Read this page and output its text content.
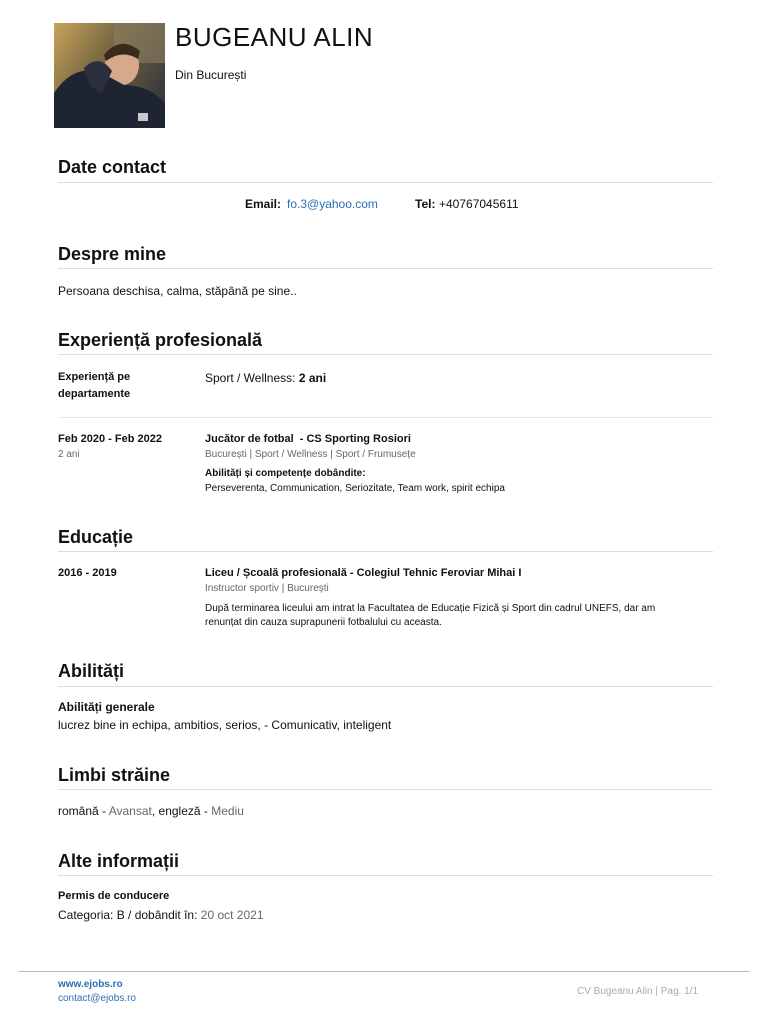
BUGEANU ALIN
Din București
Date contact
Email: fo.3@yahoo.com	Tel: +40767045611
Despre mine
Persoana deschisa, calma, stăpână pe sine..
Experiență profesională
Experiență pe
departamente
Sport / Wellness: 2 ani
Feb 2020 - Feb 2022
2 ani
Jucător de fotbal  - CS Sporting Rosiori
București | Sport / Wellness | Sport / Frumusețe
Abilități și competențe dobândite:
Perseverenta, Communication, Seriozitate, Team work, spirit echipa
Educație
2016 - 2019	Liceu / Școală profesională - Colegiul Tehnic Feroviar Mihai I
Instructor sportiv | București
După terminarea liceului am intrat la Facultatea de Educație Fizică și Sport din cadrul UNEFS, dar am
renunțat din cauza suprapunerii fotbalului cu aceasta.
Abilități
Abilități generale
lucrez bine in echipa, ambitios, serios, - Comunicativ, inteligent
Limbi străine
română - Avansat, engleză - Mediu
Alte informații
Permis de conducere
Categoria: B / dobândit în: 20 oct 2021
www.ejobs.ro
contact@ejobs.ro
CV Bugeanu Alin | Pag. 1/1
